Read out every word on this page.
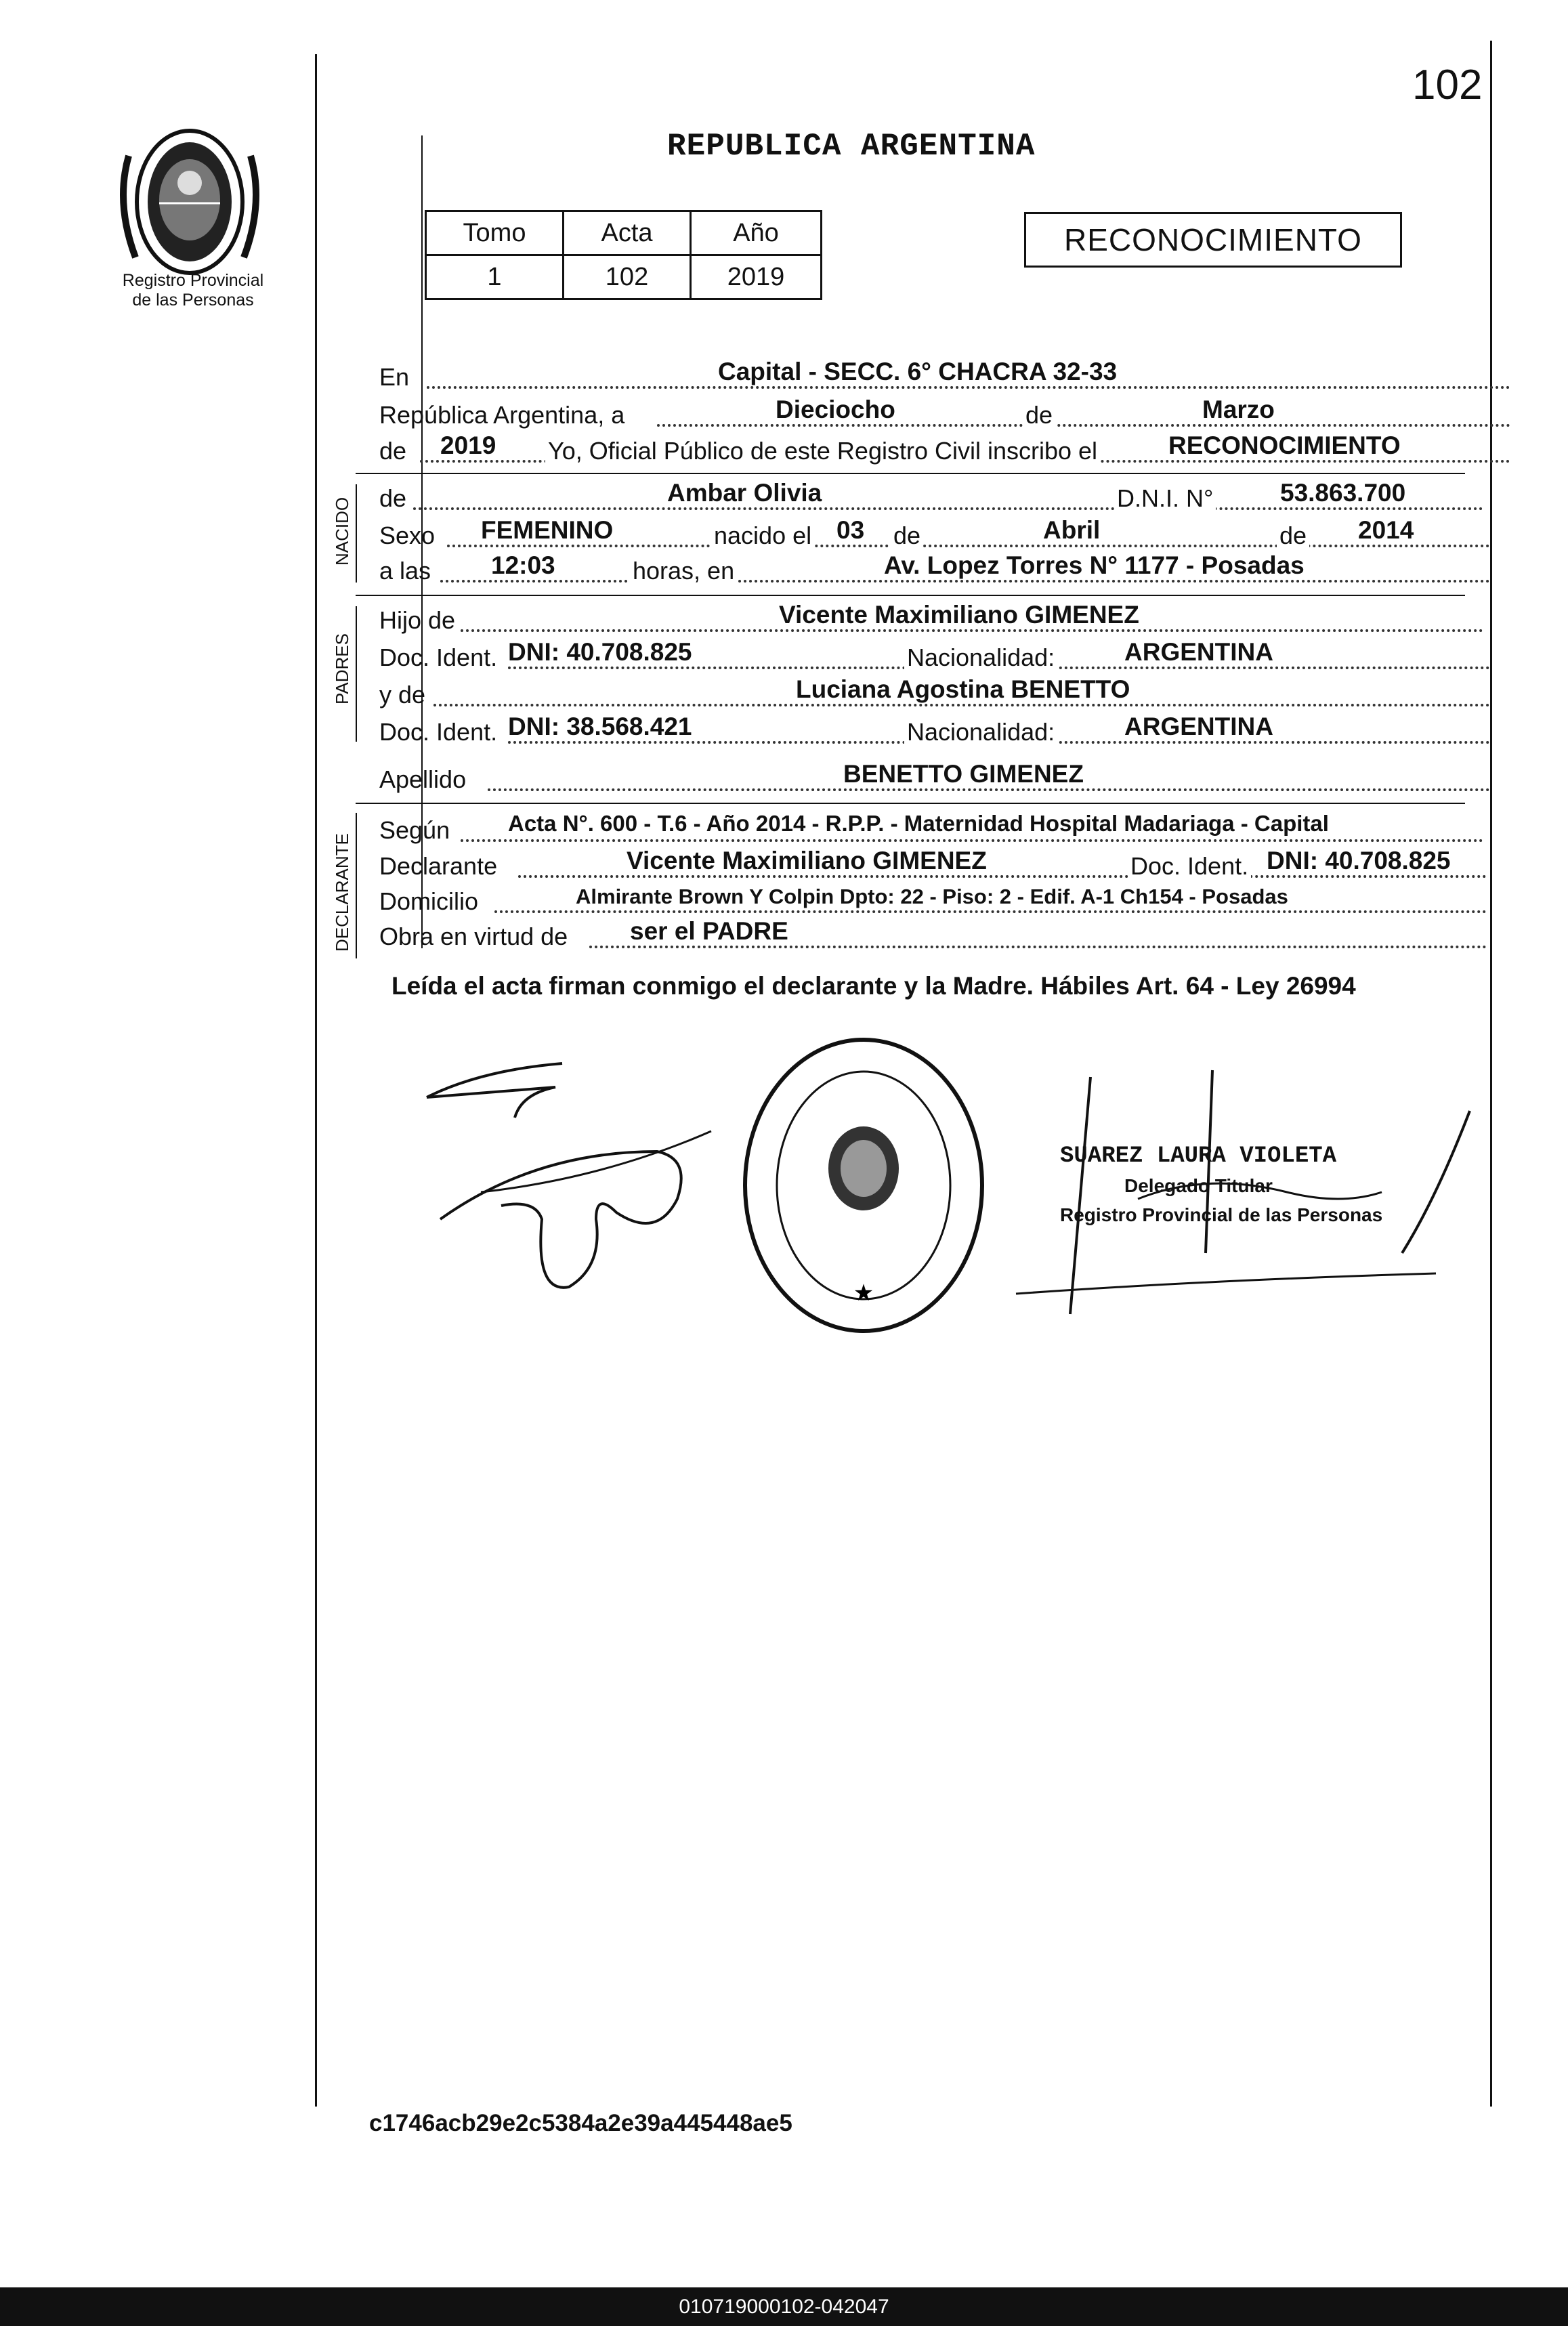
102
Registro Provincial
de las Personas
REPUBLICA ARGENTINA
Tomo	Acta	Año
1	102	2019
RECONOCIMIENTO
En	Capital - SECC. 6° CHACRA 32-33
República Argentina, a	Dieciocho	de	Marzo
de 2019 Yo, Oficial Público de este Registro Civil inscribo el	RECONOCIMIENTO
NACIDO de	Ambar Olivia	D.N.I. N°	53.863.700
Sexo FEMENINO	nacido el 03 de	Abril	de 2014
a las 12:03	horas, en	Av. Lopez Torres N° 1177 - Posadas
PADRES
Hijo de	Vicente Maximiliano GIMENEZ
Doc. Ident. DNI: 40.708.825	Nacionalidad:	ARGENTINA
y de	Luciana Agostina BENETTO
Doc. Ident. DNI: 38.568.421	Nacionalidad:	ARGENTINA
Apellido	BENETTO GIMENEZ
DECLARANTE
Según	Acta N°. 600 - T.6 - Año 2014 - R.P.P. - Maternidad Hospital Madariaga - Capital
Declarante	Vicente Maximiliano GIMENEZ	Doc. Ident. DNI: 40.708.825
Domicilio	Almirante Brown Y Colpin Dpto: 22 - Piso: 2 - Edif. A-1 Ch154 - Posadas
Obra en virtud de ser el PADRE
Leída el acta firman conmigo el declarante y la Madre. Hábiles Art. 64 - Ley 26994
★
SUAREZ LAURA VIOLETA
Delegado Titular
Registro Provincial de las Personas
c1746acb29e2c5384a2e39a445448ae5
010719000102-042047
